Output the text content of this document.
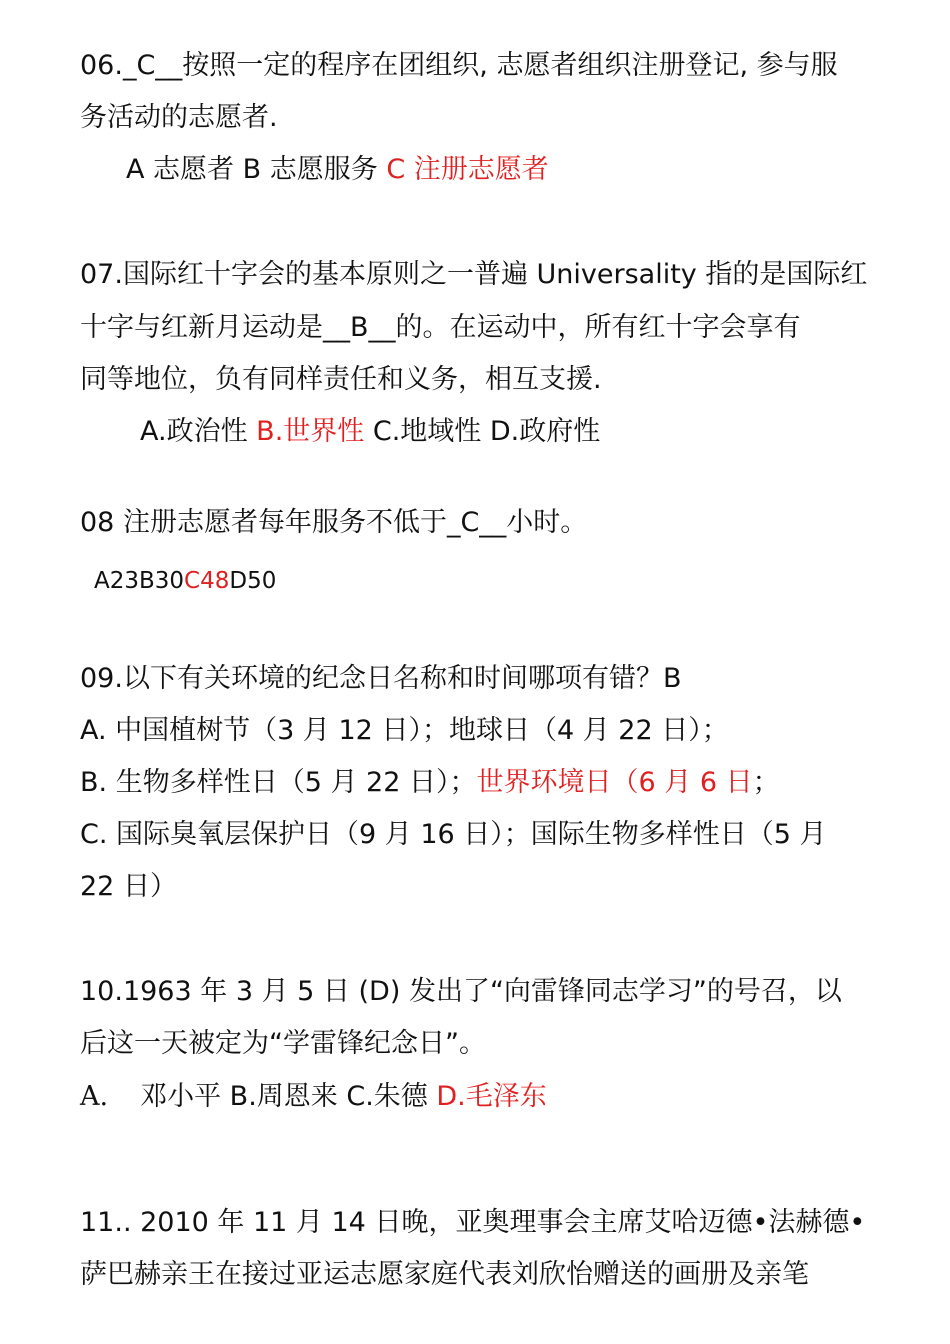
06._C__按照一定的程序在团组织, 志愿者组织注册登记, 参与服
务活动的志愿者.
A 志愿者 B 志愿服务 C 注册志愿者
07.国际红十字会的基本原则之一普遍 Universality 指的是国际红
十字与红新月运动是__B__的。在运动中，所有红十字会享有
同等地位，负有同样责任和义务，相互支援.
A.政治性 B.世界性 C.地域性 D.政府性
08 注册志愿者每年服务不低于_C__小时。
A23B30C48D50
09.以下有关环境的纪念日名称和时间哪项有错？B
A. 中国植树节（3 月 12 日）；地球日（4 月 22 日）；
B. 生物多样性日（5 月 22 日）；世界环境日（6 月 6 日；
C. 国际臭氧层保护日（9 月 16 日）；国际生物多样性日（5 月
22 日）
10.1963 年 3 月 5 日 (D) 发出了“向雷锋同志学习”的号召，以
后这一天被定为“学雷锋纪念日”。
A. 邓小平 B.周恩来 C.朱德 D.毛泽东
11.. 2010 年 11 月 14 日晚，亚奥理事会主席艾哈迈德•法赫德•
萨巴赫亲王在接过亚运志愿家庭代表刘欣怡赠送的画册及亲笔
